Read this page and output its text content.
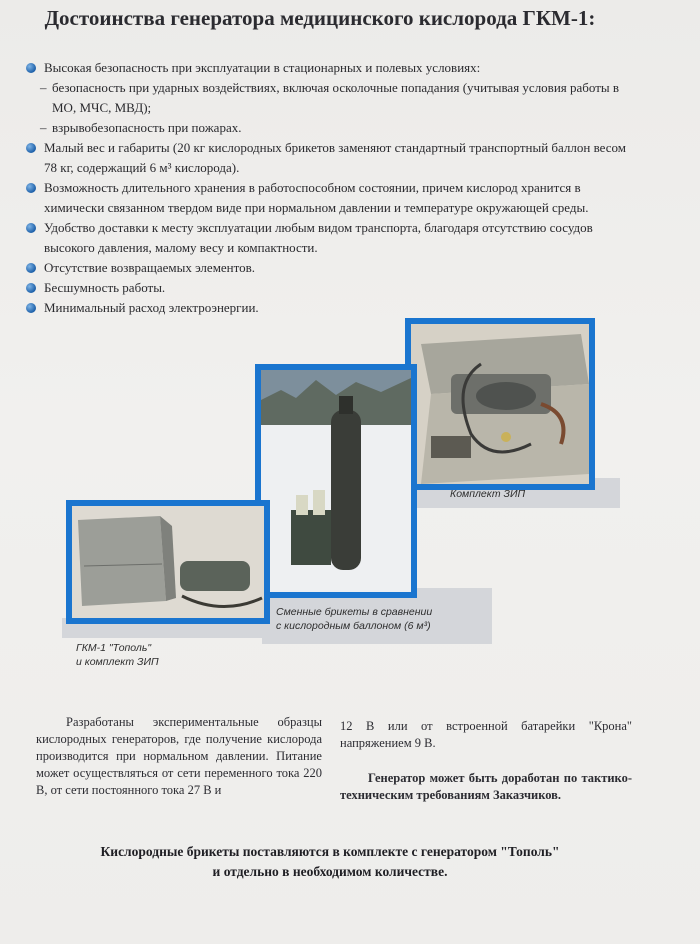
Достоинства генератора медицинского кислорода ГКМ-1:
Высокая безопасность при эксплуатации в стационарных и полевых условиях:
– безопасность при ударных воздействиях, включая осколочные попадания (учитывая условия работы в МО, МЧС, МВД);
– взрывобезопасность при пожарах.
Малый вес и габариты (20 кг кислородных брикетов заменяют стандартный транспортный баллон весом 78 кг, содержащий 6 м³ кислорода).
Возможность длительного хранения в работоспособном состоянии, причем кислород хранится в химически связанном твердом виде при нормальном давлении и температуре окружающей среды.
Удобство доставки к месту эксплуатации любым видом транспорта, благодаря отсутствию сосудов высокого давления, малому весу и компактности.
Отсутствие возвращаемых элементов.
Бесшумность работы.
Минимальный расход электроэнергии.
Комплект ЗИП
Сменные брикеты в сравнении
с кислородным баллоном (6 м³)
ГКМ-1 "Тополь"
и комплект ЗИП
Разработаны экспериментальные образцы кислородных генераторов, где получение кислорода производится при нормальном давлении. Питание может осуществляться от сети переменного тока 220 В, от сети постоянного тока 27 В и
12 В или от встроенной батарейки "Крона" напряжением 9 В.
Генератор может быть доработан по тактико-техническим требованиям Заказчиков.
Кислородные брикеты поставляются в комплекте с генератором "Тополь"
и отдельно в необходимом количестве.
